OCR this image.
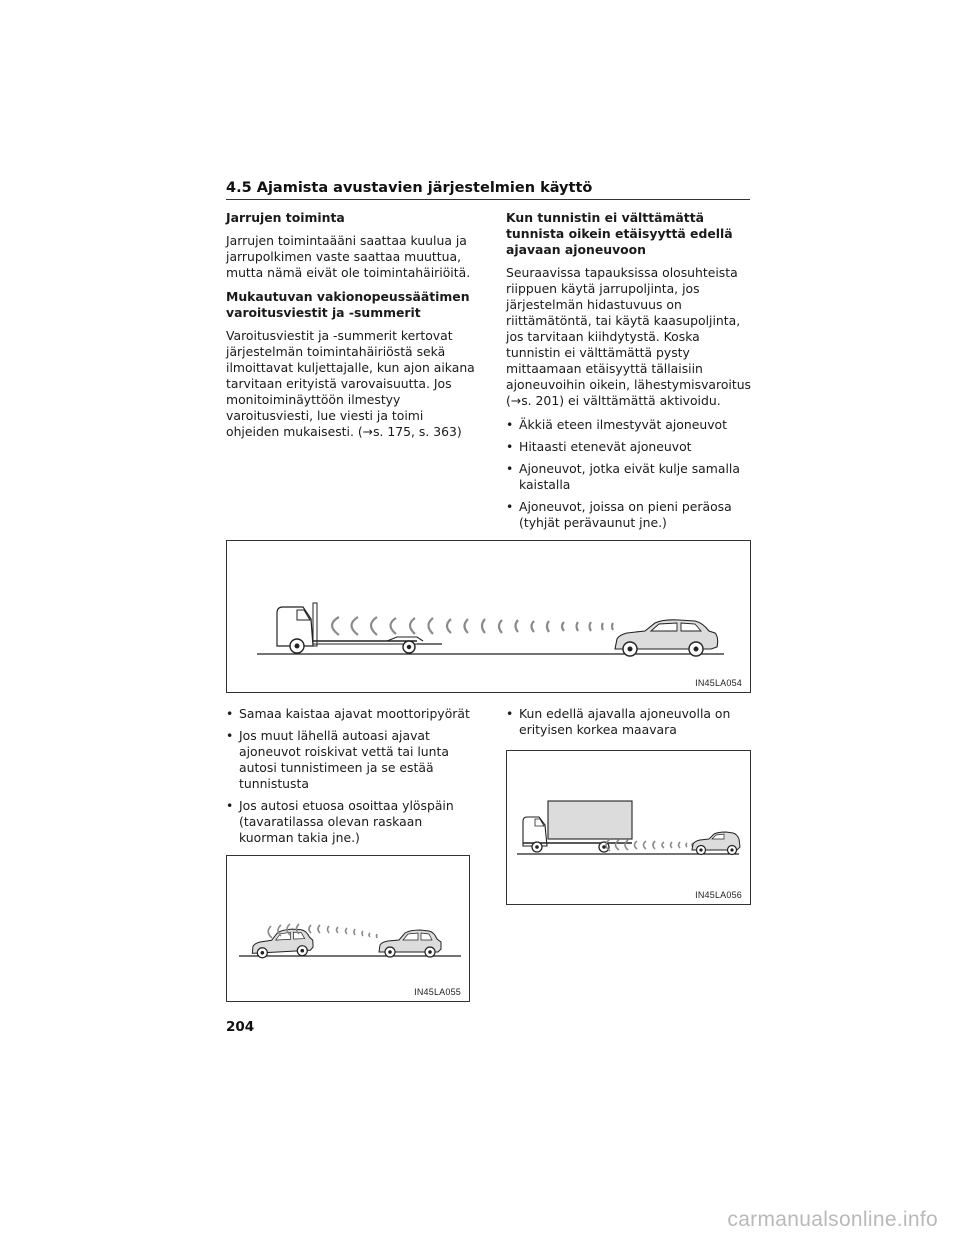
4.5 Ajamista avustavien järjestelmien käyttö
Jarrujen toiminta

Jarrujen toimintaääni saattaa kuulua ja jarrupolkimen vaste saattaa muuttua, mutta nämä eivät ole toimintahäiriöitä.

Mukautuvan vakionopeussäätimen varoitusviestit ja -summerit

Varoitusviestit ja -summerit kertovat järjestelmän toimintahäiriöstä sekä ilmoittavat kuljettajalle, kun ajon aikana tarvitaan erityistä varovaisuutta. Jos monitoiminäyttöön ilmestyy varoitusviesti, lue viesti ja toimi ohjeiden mukaisesti. (→s. 175, s. 363)

Kun tunnistin ei välttämättä tunnista oikein etäisyyttä edellä ajavaan ajoneuvoon

Seuraavissa tapauksissa olosuhteista riippuen käytä jarrupoljinta, jos järjestelmän hidastuvuus on riittämätöntä, tai käytä kaasupoljinta, jos tarvitaan kiihdytystä. Koska tunnistin ei välttämättä pysty mittaamaan etäisyyttä tällaisiin ajoneuvoihin oikein, lähestymisvaroitus (→s. 201) ei välttämättä aktivoidu.

• Äkkiä eteen ilmestyvät ajoneuvot
• Hitaasti etenevät ajoneuvot
• Ajoneuvot, jotka eivät kulje samalla kaistalla
• Ajoneuvot, joissa on pieni peräosa (tyhjät perävaunut jne.)
IN45LA054
• Samaa kaistaa ajavat moottoripyörät
• Jos muut lähellä autoasi ajavat ajoneuvot roiskivat vettä tai lunta autosi tunnistimeen ja se estää tunnistusta
• Jos autosi etuosa osoittaa ylöspäin (tavaratilassa olevan raskaan kuorman takia jne.)
• Kun edellä ajavalla ajoneuvolla on erityisen korkea maavara
IN45LA056
IN45LA055
204
carmanualsonline.info
